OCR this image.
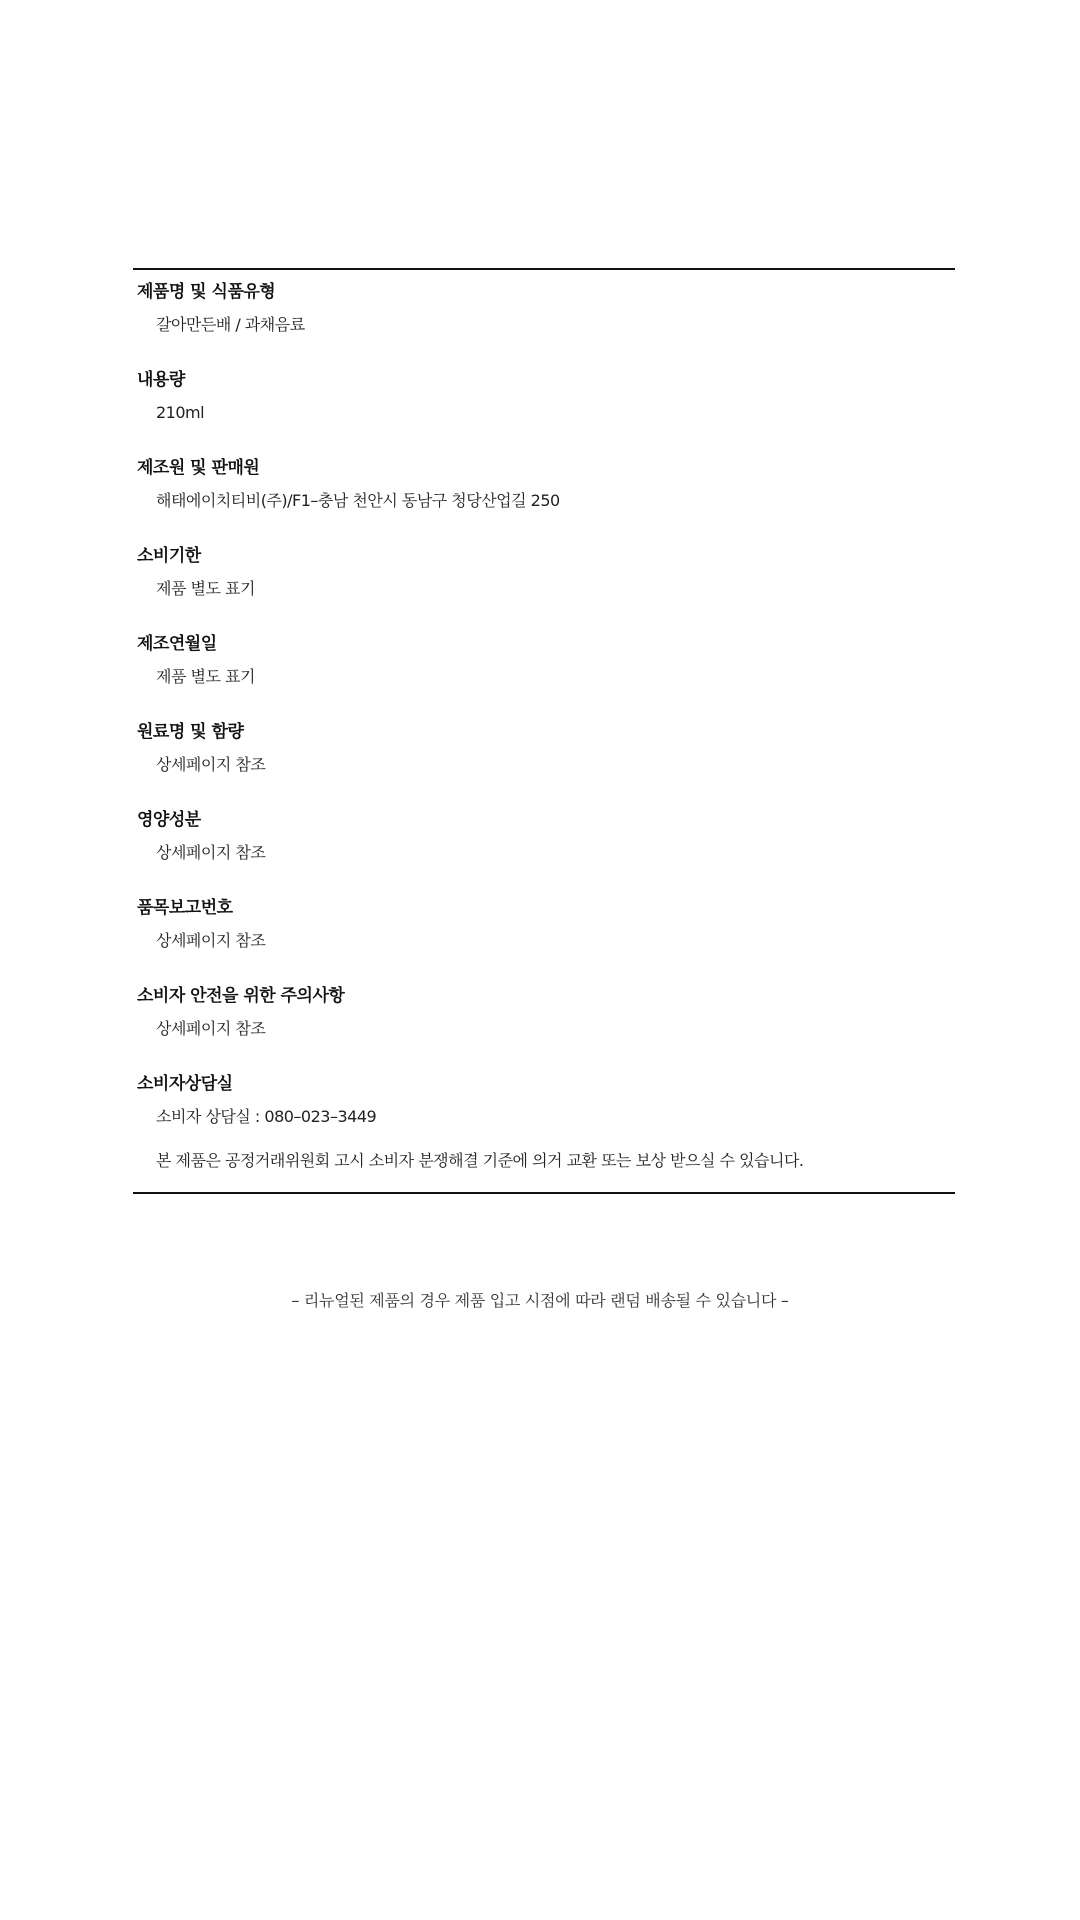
제품명 및 식품유형
갈아만든배 / 과채음료
내용량
210ml
제조원 및 판매원
해태에이치티비(주)/F1–충남 천안시 동남구 청당산업길 250
소비기한
제품 별도 표기
제조연월일
제품 별도 표기
원료명 및 함량
상세페이지 참조
영양성분
상세페이지 참조
품목보고번호
상세페이지 참조
소비자 안전을 위한 주의사항
상세페이지 참조
소비자상담실
소비자 상담실 : 080–023–3449
본 제품은 공정거래위원회 고시 소비자 분쟁해결 기준에 의거 교환 또는 보상 받으실 수 있습니다.
– 리뉴얼된 제품의 경우 제품 입고 시점에 따라 랜덤 배송될 수 있습니다 –
